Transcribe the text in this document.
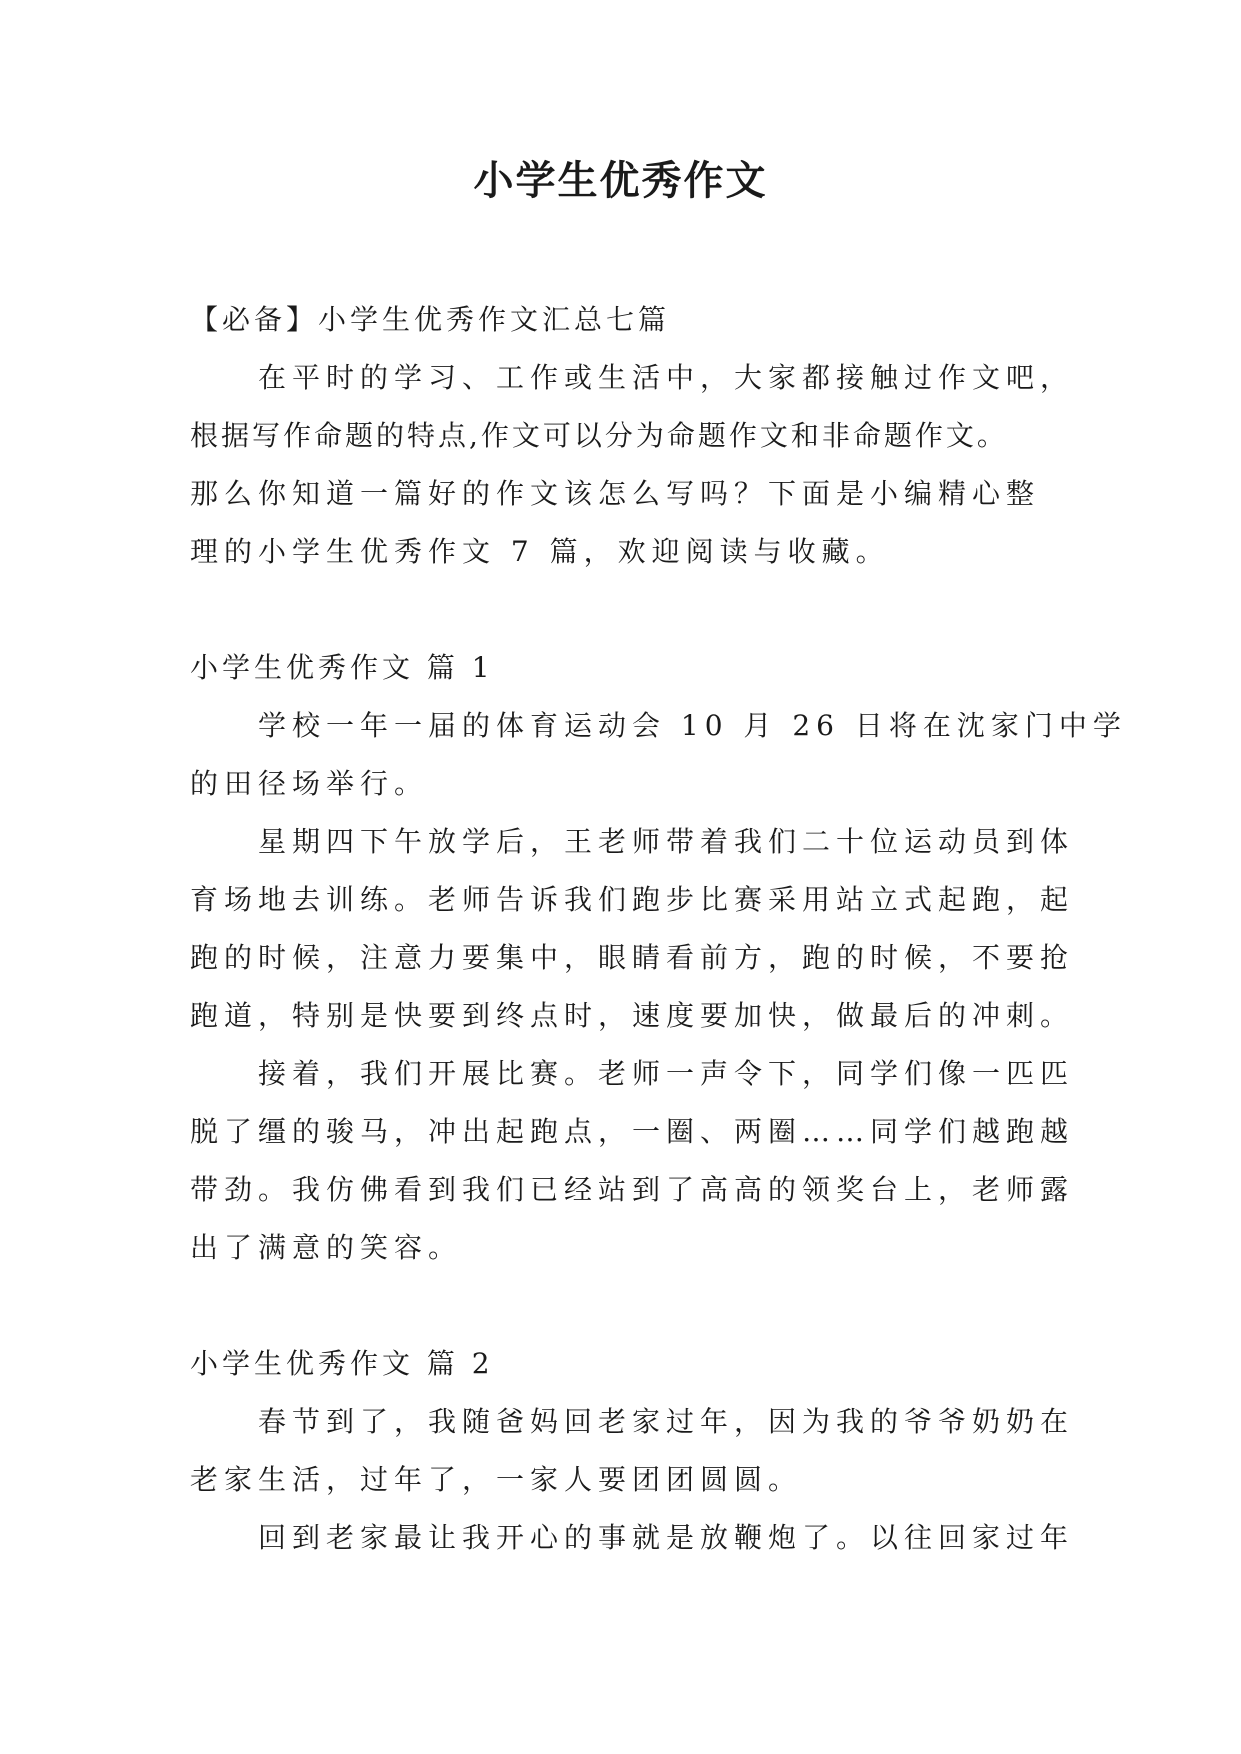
小学生优秀作文

【必备】小学生优秀作文汇总七篇

在平时的学习、工作或生活中，大家都接触过作文吧，

根据写作命题的特点,作文可以分为命题作文和非命题作文。

那么你知道一篇好的作文该怎么写吗？下面是小编精心整

理的小学生优秀作文 7 篇，欢迎阅读与收藏。

小学生优秀作文 篇 1

学校一年一届的体育运动会 10 月 26 日将在沈家门中学

的田径场举行。

星期四下午放学后，王老师带着我们二十位运动员到体

育场地去训练。老师告诉我们跑步比赛采用站立式起跑，起

跑的时候，注意力要集中，眼睛看前方，跑的时候，不要抢

跑道，特别是快要到终点时，速度要加快，做最后的冲刺。

接着，我们开展比赛。老师一声令下，同学们像一匹匹

脱了缰的骏马，冲出起跑点，一圈、两圈……同学们越跑越

带劲。我仿佛看到我们已经站到了高高的领奖台上，老师露

出了满意的笑容。

小学生优秀作文 篇 2

春节到了，我随爸妈回老家过年，因为我的爷爷奶奶在

老家生活，过年了，一家人要团团圆圆。

回到老家最让我开心的事就是放鞭炮了。以往回家过年
